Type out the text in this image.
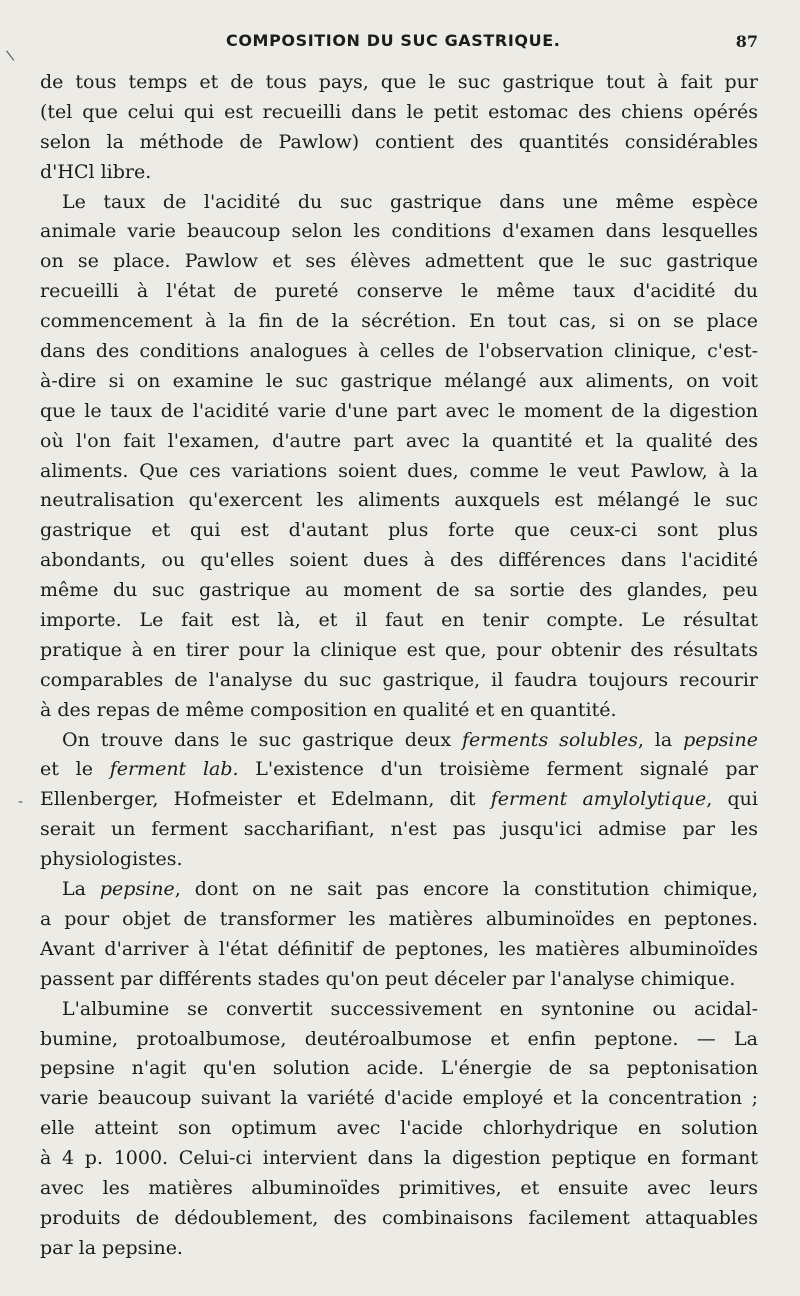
\
-
COMPOSITION DU SUC GASTRIQUE.	87
de tous temps et de tous pays, que le suc gastrique tout à fait pur
(tel que celui qui est recueilli dans le petit estomac des chiens opérés
selon la méthode de Pawlow) contient des quantités considérables
d'HCl libre.
Le taux de l'acidité du suc gastrique dans une même espèce
animale varie beaucoup selon les conditions d'examen dans lesquelles
on se place. Pawlow et ses élèves admettent que le suc gastrique
recueilli à l'état de pureté conserve le même taux d'acidité du
commencement à la fin de la sécrétion. En tout cas, si on se place
dans des conditions analogues à celles de l'observation clinique, c'est-
à-dire si on examine le suc gastrique mélangé aux aliments, on voit
que le taux de l'acidité varie d'une part avec le moment de la digestion
où l'on fait l'examen, d'autre part avec la quantité et la qualité des
aliments. Que ces variations soient dues, comme le veut Pawlow, à la
neutralisation qu'exercent les aliments auxquels est mélangé le suc
gastrique et qui est d'autant plus forte que ceux-ci sont plus
abondants, ou qu'elles soient dues à des différences dans l'acidité
même du suc gastrique au moment de sa sortie des glandes, peu
importe. Le fait est là, et il faut en tenir compte. Le résultat
pratique à en tirer pour la clinique est que, pour obtenir des résultats
comparables de l'analyse du suc gastrique, il faudra toujours recourir
à des repas de même composition en qualité et en quantité.
On trouve dans le suc gastrique deux ferments solubles, la pepsine
et le ferment lab. L'existence d'un troisième ferment signalé par
Ellenberger, Hofmeister et Edelmann, dit ferment amylolytique, qui
serait un ferment saccharifiant, n'est pas jusqu'ici admise par les
physiologistes.
La pepsine, dont on ne sait pas encore la constitution chimique,
a pour objet de transformer les matières albuminoïdes en peptones.
Avant d'arriver à l'état définitif de peptones, les matières albuminoïdes
passent par différents stades qu'on peut déceler par l'analyse chimique.
L'albumine se convertit successivement en syntonine ou acidal-
bumine, protoalbumose, deutéroalbumose et enfin peptone. — La
pepsine n'agit qu'en solution acide. L'énergie de sa peptonisation
varie beaucoup suivant la variété d'acide employé et la concentration ;
elle atteint son optimum avec l'acide chlorhydrique en solution
à 4 p. 1000. Celui-ci intervient dans la digestion peptique en formant
avec les matières albuminoïdes primitives, et ensuite avec leurs
produits de dédoublement, des combinaisons facilement attaquables
par la pepsine.
